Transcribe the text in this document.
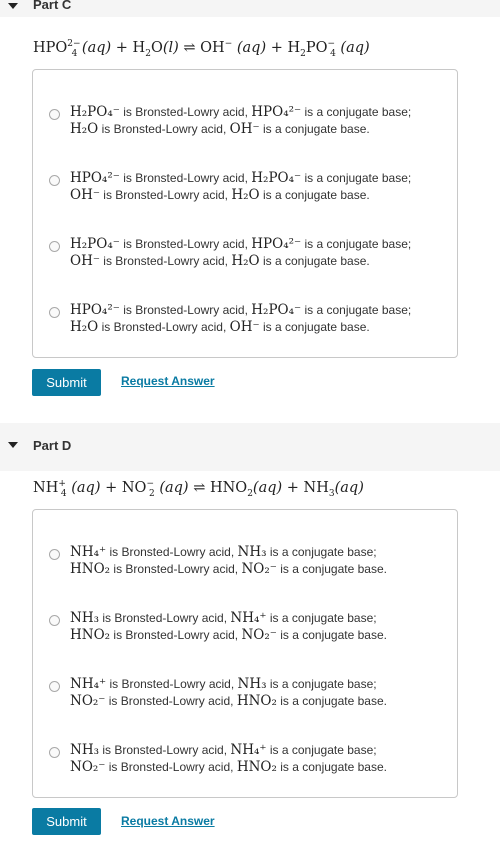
Part C
$HPO^{2-}_4$ $(aq) + H_2O(l)$ ⇌ OH− $(aq) + H_2PO^-_4$ (aq)
H₂PO₄⁻ is Bronsted-Lowry acid, HPO₄²⁻ is a conjugate base;
H₂O is Bronsted-Lowry acid, OH⁻ is a conjugate base.
HPO₄²⁻ is Bronsted-Lowry acid, H₂PO₄⁻ is a conjugate base;
OH⁻ is Bronsted-Lowry acid, H₂O is a conjugate base.
H₂PO₄⁻ is Bronsted-Lowry acid, HPO₄²⁻ is a conjugate base;
OH⁻ is Bronsted-Lowry acid, H₂O is a conjugate base.
HPO₄²⁻ is Bronsted-Lowry acid, H₂PO₄⁻ is a conjugate base;
H₂O is Bronsted-Lowry acid, OH⁻ is a conjugate base.
Submit	Request Answer
Part D
$NH^+_4$ $(aq) + NO^-_2$ (aq) ⇌ $HNO_2(aq) + NH_3(aq)$
NH₄⁺ is Bronsted-Lowry acid, NH₃ is a conjugate base;
HNO₂ is Bronsted-Lowry acid, NO₂⁻ is a conjugate base.
NH₃ is Bronsted-Lowry acid, NH₄⁺ is a conjugate base;
HNO₂ is Bronsted-Lowry acid, NO₂⁻ is a conjugate base.
NH₄⁺ is Bronsted-Lowry acid, NH₃ is a conjugate base;
NO₂⁻ is Bronsted-Lowry acid, HNO₂ is a conjugate base.
NH₃ is Bronsted-Lowry acid, NH₄⁺ is a conjugate base;
NO₂⁻ is Bronsted-Lowry acid, HNO₂ is a conjugate base.
Submit	Request Answer
